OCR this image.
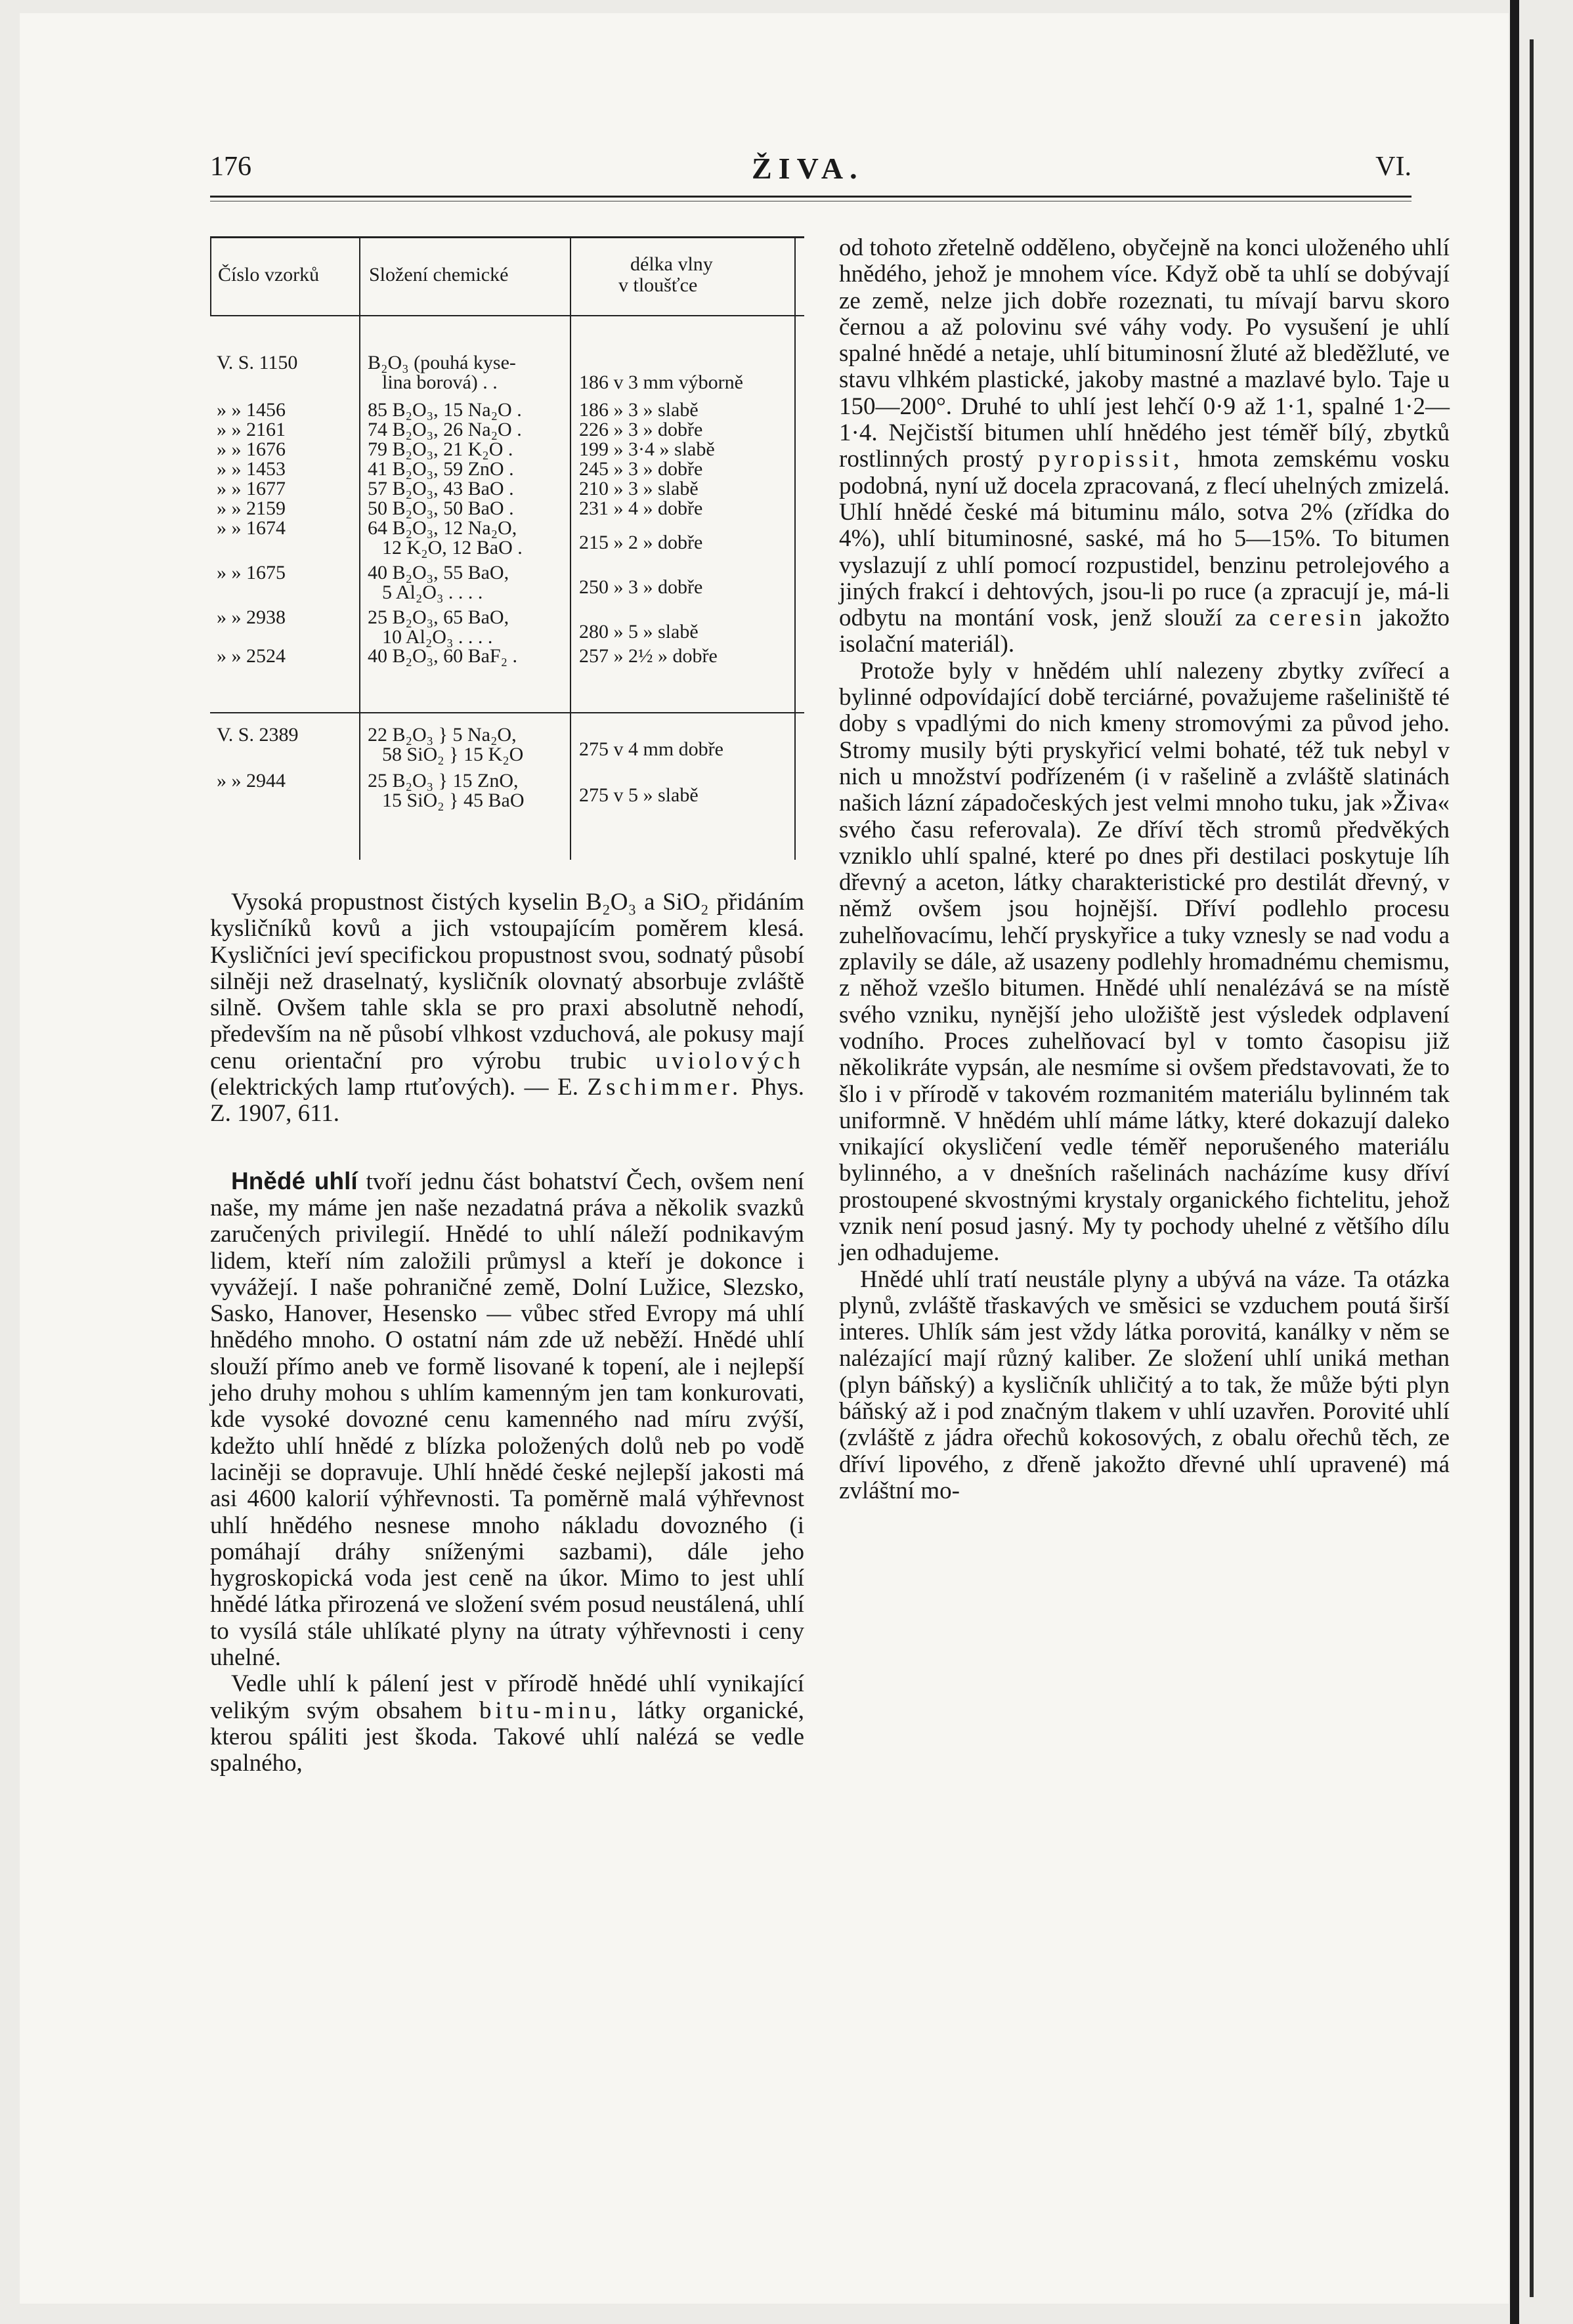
176	ŽIVA.	VI.
Číslo vzorků	Složení chemické	délka vlny
v tloušťce
V. S. 1150	B₂O₃ (pouhá kyse-
lina borová) . .	186 v 3 mm výborně
» » 1456	85 B₂O₃, 15 Na₂O .	186 » 3 » slabě
» » 2161	74 B₂O₃, 26 Na₂O .	226 » 3 » dobře
» » 1676	79 B₂O₃, 21 K₂O .	199 » 3·4 » slabě
» » 1453	41 B₂O₃, 59 ZnO .	245 » 3 » dobře
» » 1677	57 B₂O₃, 43 BaO .	210 » 3 » slabě
» » 2159	50 B₂O₃, 50 BaO .	231 » 4 » dobře
» » 1674	64 B₂O₃, 12 Na₂O,
12 K₂O, 12 BaO .	215 » 2 » dobře
» » 1675	40 B₂O₃, 55 BaO,
5 Al₂O₃ . . . .	250 » 3 » dobře
» » 2938	25 B₂O₃, 65 BaO,
10 Al₂O₃ . . . .	280 » 5 » slabě
» » 2524	40 B₂O₃, 60 BaF₂ .	257 » 2½ » dobře
V. S. 2389	22 B₂O₃ } 5 Na₂O,
58 SiO₂ } 15 K₂O	275 v 4 mm dobře
» » 2944	25 B₂O₃ } 15 ZnO,
15 SiO₂ } 45 BaO	275 v 5 » slabě

Vysoká propustnost čistých kyselin B₂O₃ a SiO₂ přidáním kysličníků kovů a jich vstoupajícím poměrem klesá. Kysličníci jeví specifickou propustnost svou, sodnatý působí silněji než draselnatý, kysličník olovnatý absorbuje zvláště silně. Ovšem tahle skla se pro praxi absolutně nehodí, především na ně působí vlhkost vzduchová, ale pokusy mají cenu orientační pro výrobu trubic uviolových (elektrických lamp rtuťových). — E. Zschimmer. Phys. Z. 1907, 611.

Hnědé uhlí tvoří jednu část bohatství Čech, ovšem není naše, my máme jen naše nezadatná práva a několik svazků zaručených privilegií. Hnědé to uhlí náleží podnikavým lidem, kteří ním založili průmysl a kteří je dokonce i vyvážejí. I naše pohraničné země, Dolní Lužice, Slezsko, Sasko, Hanover, Hesensko — vůbec střed Evropy má uhlí hnědého mnoho. O ostatní nám zde už neběží. Hnědé uhlí slouží přímo aneb ve formě lisované k topení, ale i nejlepší jeho druhy mohou s uhlím kamenným jen tam konkurovati, kde vysoké dovozné cenu kamenného nad míru zvýší, kdežto uhlí hnědé z blízka položených dolů neb po vodě laciněji se dopravuje. Uhlí hnědé české nejlepší jakosti má asi 4600 kalorií výhřevnosti. Ta poměrně malá výhřevnost uhlí hnědého nesnese mnoho nákladu dovozného (i pomáhají dráhy sníženými sazbami), dále jeho hygroskopická voda jest ceně na úkor. Mimo to jest uhlí hnědé látka přirozená ve složení svém posud neustálená, uhlí to vysílá stále uhlíkaté plyny na útraty výhřevnosti i ceny uhelné.

Vedle uhlí k pálení jest v přírodě hnědé uhlí vynikající velikým svým obsahem bitu-minu, látky organické, kterou spáliti jest škoda. Takové uhlí nalézá se vedle spalného,

od tohoto zřetelně odděleno, obyčejně na konci uloženého uhlí hnědého, jehož je mnohem více. Když obě ta uhlí se dobývají ze země, nelze jich dobře rozeznati, tu mívají barvu skoro černou a až polovinu své váhy vody. Po vysušení je uhlí spalné hnědé a netaje, uhlí bituminosní žluté až bleděžluté, ve stavu vlhkém plastické, jakoby mastné a mazlavé bylo. Taje u 150—200°. Druhé to uhlí jest lehčí 0·9 až 1·1, spalné 1·2—1·4. Nejčistší bitumen uhlí hnědého jest téměř bílý, zbytků rostlinných prostý pyropissit, hmota zemskému vosku podobná, nyní už docela zpracovaná, z flecí uhelných zmizelá. Uhlí hnědé české má bituminu málo, sotva 2% (zřídka do 4%), uhlí bituminosné, saské, má ho 5—15%. To bitumen vyslazují z uhlí pomocí rozpustidel, benzinu petrolejového a jiných frakcí i dehtových, jsou-li po ruce (a zpracují je, má-li odbytu na montání vosk, jenž slouží za ceresin jakožto isolační materiál).

Protože byly v hnědém uhlí nalezeny zbytky zvířecí a bylinné odpovídající době terciárné, považujeme rašeliniště té doby s vpadlými do nich kmeny stromovými za původ jeho. Stromy musily býti pryskyřicí velmi bohaté, též tuk nebyl v nich u množství podřízeném (i v rašelině a zvláště slatinách našich lázní západočeských jest velmi mnoho tuku, jak »Živa« svého času referovala). Ze dříví těch stromů předvěkých vzniklo uhlí spalné, které po dnes při destilaci poskytuje líh dřevný a aceton, látky charakteristické pro destilát dřevný, v němž ovšem jsou hojnější. Dříví podlehlo procesu zuhelňovacímu, lehčí pryskyřice a tuky vznesly se nad vodu a zplavily se dále, až usazeny podlehly hromadnému chemismu, z něhož vzešlo bitumen. Hnědé uhlí nenalézává se na místě svého vzniku, nynější jeho uložiště jest výsledek odplavení vodního. Proces zuhelňovací byl v tomto časopisu již několikráte vypsán, ale nesmíme si ovšem představovati, že to šlo i v přírodě v takovém rozmanitém materiálu bylinném tak uniformně. V hnědém uhlí máme látky, které dokazují daleko vnikající okysličení vedle téměř neporušeného materiálu bylinného, a v dnešních rašelinách nacházíme kusy dříví prostoupené skvostnými krystaly organického fichtelitu, jehož vznik není posud jasný. My ty pochody uhelné z většího dílu jen odhadujeme.

Hnědé uhlí tratí neustále plyny a ubývá na váze. Ta otázka plynů, zvláště třaskavých ve směsici se vzduchem poutá širší interes. Uhlík sám jest vždy látka porovitá, kanálky v něm se nalézající mají různý kaliber. Ze složení uhlí uniká methan (plyn báňský) a kysličník uhličitý a to tak, že může býti plyn báňský až i pod značným tlakem v uhlí uzavřen. Porovité uhlí (zvláště z jádra ořechů kokosových, z obalu ořechů těch, ze dříví lipového, z dřeně jakožto dřevné uhlí upravené) má zvláštní mo-
